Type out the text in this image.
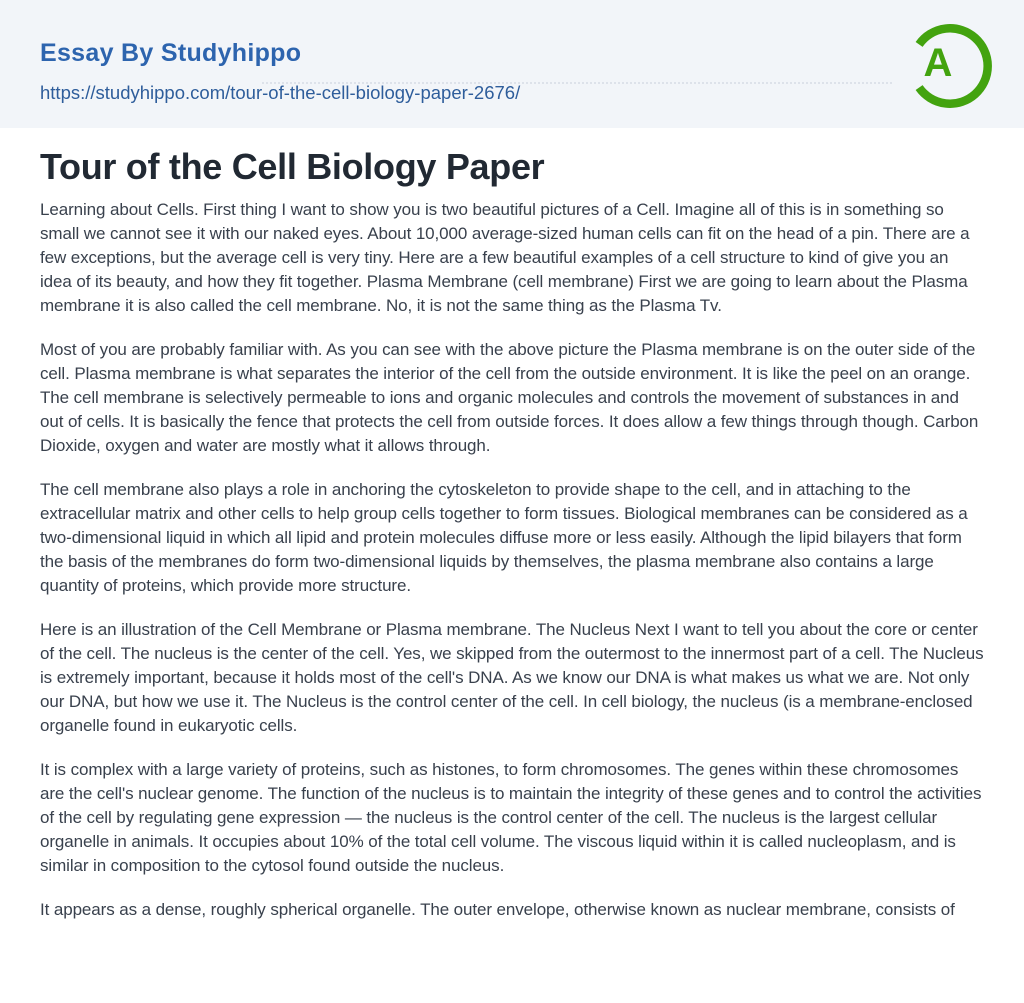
Essay By Studyhippo
https://studyhippo.com/tour-of-the-cell-biology-paper-2676/
A
Tour of the Cell Biology Paper

Learning about Cells. First thing I want to show you is two beautiful pictures of a Cell. Imagine all of this is in something so small we cannot see it with our naked eyes. About 10,000 average-sized human cells can fit on the head of a pin. There are a few exceptions, but the average cell is very tiny. Here are a few beautiful examples of a cell structure to kind of give you an idea of its beauty, and how they fit together. Plasma Membrane (cell membrane) First we are going to learn about the Plasma membrane it is also called the cell membrane. No, it is not the same thing as the Plasma Tv.

Most of you are probably familiar with. As you can see with the above picture the Plasma membrane is on the outer side of the cell. Plasma membrane is what separates the interior of the cell from the outside environment. It is like the peel on an orange. The cell membrane is selectively permeable to ions and organic molecules and controls the movement of substances in and out of cells. It is basically the fence that protects the cell from outside forces. It does allow a few things through though. Carbon Dioxide, oxygen and water are mostly what it allows through.

The cell membrane also plays a role in anchoring the cytoskeleton to provide shape to the cell, and in attaching to the extracellular matrix and other cells to help group cells together to form tissues. Biological membranes can be considered as a two-dimensional liquid in which all lipid and protein molecules diffuse more or less easily. Although the lipid bilayers that form the basis of the membranes do form two-dimensional liquids by themselves, the plasma membrane also contains a large quantity of proteins, which provide more structure.

Here is an illustration of the Cell Membrane or Plasma membrane. The Nucleus Next I want to tell you about the core or center of the cell. The nucleus is the center of the cell. Yes, we skipped from the outermost to the innermost part of a cell. The Nucleus is extremely important, because it holds most of the cell's DNA. As we know our DNA is what makes us what we are. Not only our DNA, but how we use it. The Nucleus is the control center of the cell. In cell biology, the nucleus (is a membrane-enclosed organelle found in eukaryotic cells.

It is complex with a large variety of proteins, such as histones, to form chromosomes. The genes within these chromosomes are the cell's nuclear genome. The function of the nucleus is to maintain the integrity of these genes and to control the activities of the cell by regulating gene expression — the nucleus is the control center of the cell. The nucleus is the largest cellular organelle in animals. It occupies about 10% of the total cell volume. The viscous liquid within it is called nucleoplasm, and is similar in composition to the cytosol found outside the nucleus.

It appears as a dense, roughly spherical organelle. The outer envelope, otherwise known as nuclear membrane, consists of
